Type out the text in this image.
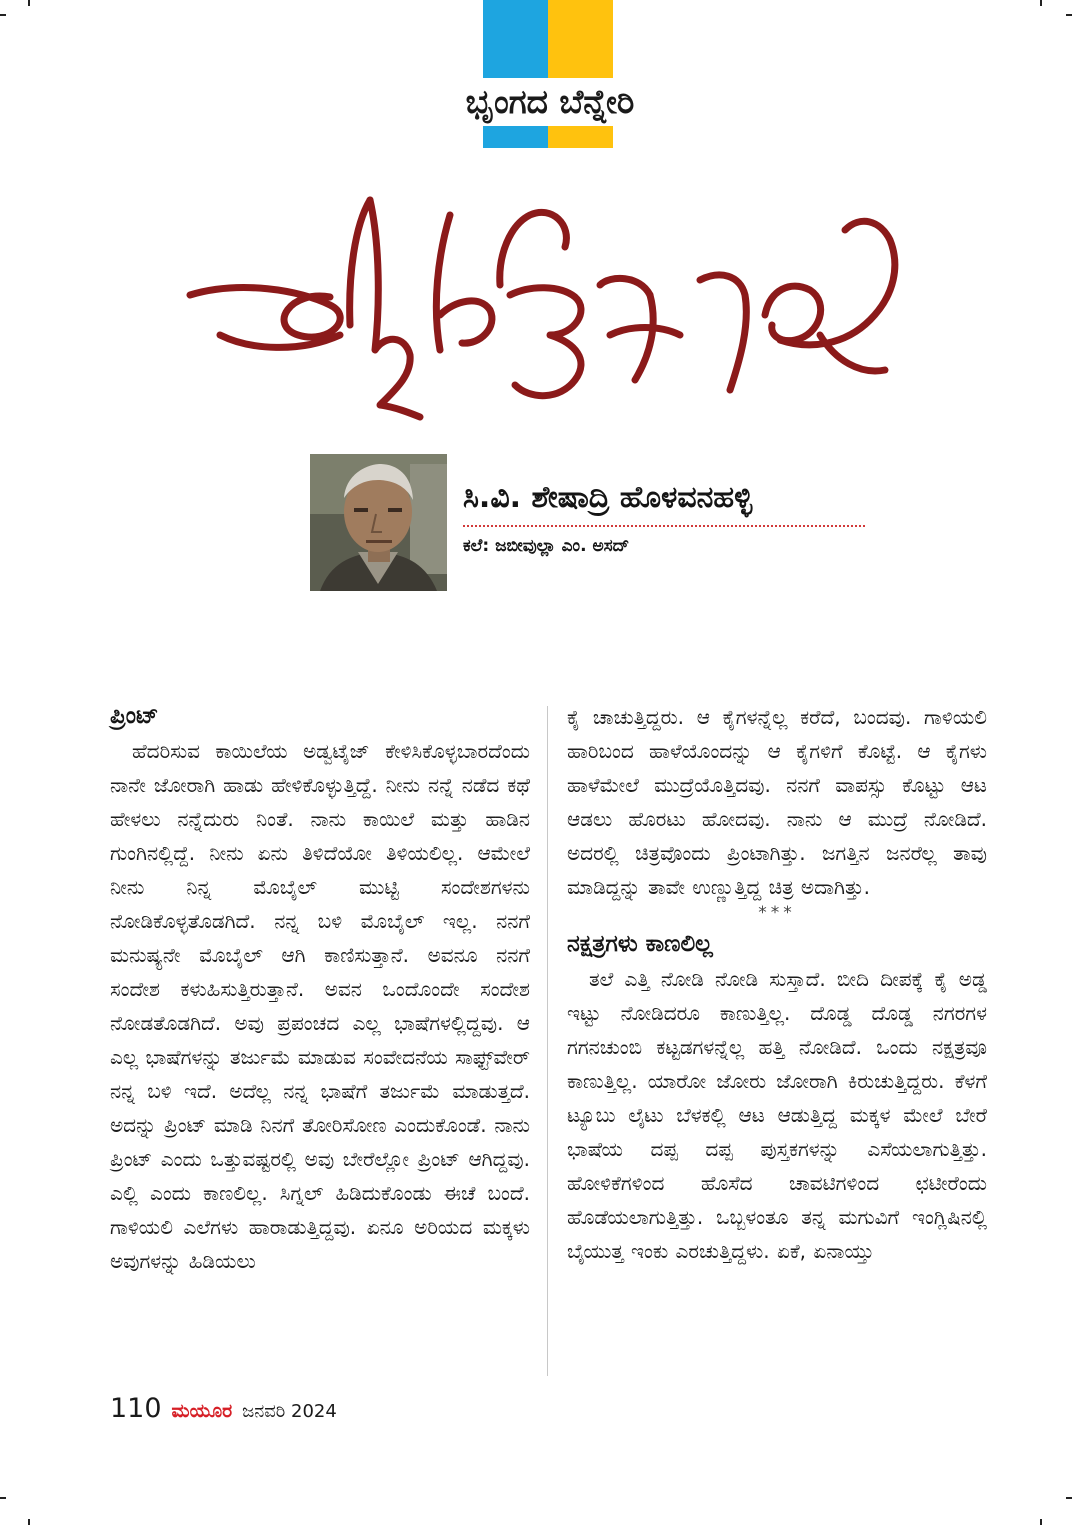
ಭೃಂಗದ ಬೆನ್ನೇರಿ
ಸಿ.ವಿ. ಶೇಷಾದ್ರಿ ಹೊಳವನಹಳ್ಳಿ
ಕಲೆ: ಜಬೀವುಲ್ಲಾ ಎಂ. ಅಸದ್
ಪ್ರಿಂಟ್

ಹೆದರಿಸುವ ಕಾಯಿಲೆಯ ಅಡ್ವಟೈಜ್ ಕೇಳಿಸಿಕೊಳ್ಳಬಾರದೆಂದು ನಾನೇ ಜೋರಾಗಿ ಹಾಡು ಹೇಳಿಕೊಳ್ಳುತ್ತಿದ್ದೆ. ನೀನು ನನ್ನೆ ನಡೆದ ಕಥೆ ಹೇಳಲು ನನ್ನೆದುರು ನಿಂತೆ. ನಾನು ಕಾಯಿಲೆ ಮತ್ತು ಹಾಡಿನ ಗುಂಗಿನಲ್ಲಿದ್ದೆ. ನೀನು ಏನು ತಿಳಿದೆಯೋ ತಿಳಿಯಲಿಲ್ಲ. ಆಮೇಲೆ ನೀನು ನಿನ್ನ ಮೊಬೈಲ್ ಮುಟ್ಟಿ ಸಂದೇಶಗಳನು ನೋಡಿಕೊಳ್ಳತೊಡಗಿದೆ. ನನ್ನ ಬಳಿ ಮೊಬೈಲ್ ಇಲ್ಲ. ನನಗೆ ಮನುಷ್ಯನೇ ಮೊಬೈಲ್ ಆಗಿ ಕಾಣಿಸುತ್ತಾನೆ. ಅವನೂ ನನಗೆ ಸಂದೇಶ ಕಳುಹಿಸುತ್ತಿರುತ್ತಾನೆ. ಅವನ ಒಂದೊಂದೇ ಸಂದೇಶ ನೋಡತೊಡಗಿದೆ. ಅವು ಪ್ರಪಂಚದ ಎಲ್ಲ ಭಾಷೆಗಳಲ್ಲಿದ್ದವು. ಆ ಎಲ್ಲ ಭಾಷೆಗಳನ್ನು ತರ್ಜುಮೆ ಮಾಡುವ ಸಂವೇದನೆಯ ಸಾಫ್ಟ್‌ವೇರ್ ನನ್ನ ಬಳಿ ಇದೆ. ಅದೆಲ್ಲ ನನ್ನ ಭಾಷೆಗೆ ತರ್ಜುಮೆ ಮಾಡುತ್ತದೆ. ಅದನ್ನು ಪ್ರಿಂಟ್ ಮಾಡಿ ನಿನಗೆ ತೋರಿಸೋಣ ಎಂದುಕೊಂಡೆ. ನಾನು ಪ್ರಿಂಟ್ ಎಂದು ಒತ್ತುವಷ್ಟರಲ್ಲಿ ಅವು ಬೇರೆಲ್ಲೋ ಪ್ರಿಂಟ್ ಆಗಿದ್ದವು. ಎಲ್ಲಿ ಎಂದು ಕಾಣಲಿಲ್ಲ. ಸಿಗ್ನಲ್ ಹಿಡಿದುಕೊಂಡು ಈಚೆ ಬಂದೆ. ಗಾಳಿಯಲಿ ಎಲೆಗಳು ಹಾರಾಡುತ್ತಿದ್ದವು. ಏನೂ ಅರಿಯದ ಮಕ್ಕಳು ಅವುಗಳನ್ನು ಹಿಡಿಯಲು

ಕೈ ಚಾಚುತ್ತಿದ್ದರು. ಆ ಕೈಗಳನ್ನೆಲ್ಲ ಕರೆದೆ, ಬಂದವು. ಗಾಳಿಯಲಿ ಹಾರಿಬಂದ ಹಾಳೆಯೊಂದನ್ನು ಆ ಕೈಗಳಿಗೆ ಕೊಟ್ಟೆ. ಆ ಕೈಗಳು ಹಾಳೆಮೇಲೆ ಮುದ್ರೆಯೊತ್ತಿದವು. ನನಗೆ ವಾಪಸ್ಸು ಕೊಟ್ಟು ಆಟ ಆಡಲು ಹೊರಟು ಹೋದವು. ನಾನು ಆ ಮುದ್ರೆ ನೋಡಿದೆ. ಅದರಲ್ಲಿ ಚಿತ್ರವೊಂದು ಪ್ರಿಂಟಾಗಿತ್ತು. ಜಗತ್ತಿನ ಜನರೆಲ್ಲ ತಾವು ಮಾಡಿದ್ದನ್ನು ತಾವೇ ಉಣ್ಣುತ್ತಿದ್ದ ಚಿತ್ರ ಅದಾಗಿತ್ತು.

***
ನಕ್ಷತ್ರಗಳು ಕಾಣಲಿಲ್ಲ

ತಲೆ ಎತ್ತಿ ನೋಡಿ ನೋಡಿ ಸುಸ್ತಾದೆ. ಬೀದಿ ದೀಪಕ್ಕೆ ಕೈ ಅಡ್ಡ ಇಟ್ಟು ನೋಡಿದರೂ ಕಾಣುತ್ತಿಲ್ಲ. ದೊಡ್ಡ ದೊಡ್ಡ ನಗರಗಳ ಗಗನಚುಂಬಿ ಕಟ್ಟಡಗಳನ್ನೆಲ್ಲ ಹತ್ತಿ ನೋಡಿದೆ. ಒಂದು ನಕ್ಷತ್ರವೂ ಕಾಣುತ್ತಿಲ್ಲ. ಯಾರೋ ಜೋರು ಜೋರಾಗಿ ಕಿರುಚುತ್ತಿದ್ದರು. ಕೆಳಗೆ ಟ್ಯೂಬು ಲೈಟು ಬೆಳಕಲ್ಲಿ ಆಟ ಆಡುತ್ತಿದ್ದ ಮಕ್ಕಳ ಮೇಲೆ ಬೇರೆ ಭಾಷೆಯ ದಪ್ಪ ದಪ್ಪ ಪುಸ್ತಕಗಳನ್ನು ಎಸೆಯಲಾಗುತ್ತಿತ್ತು. ಹೋಳಿಕೆಗಳಿಂದ ಹೊಸೆದ ಚಾವಟಿಗಳಿಂದ ಛಟೀರೆಂದು ಹೊಡೆಯಲಾಗುತ್ತಿತ್ತು. ಒಬ್ಬಳಂತೂ ತನ್ನ ಮಗುವಿಗೆ ಇಂಗ್ಲಿಷಿನಲ್ಲಿ ಬೈಯುತ್ತ ಇಂಕು ಎರಚುತ್ತಿದ್ದಳು. ಏಕೆ, ಏನಾಯ್ತು

110 ಮಯೂರ ಜನವರಿ 2024
